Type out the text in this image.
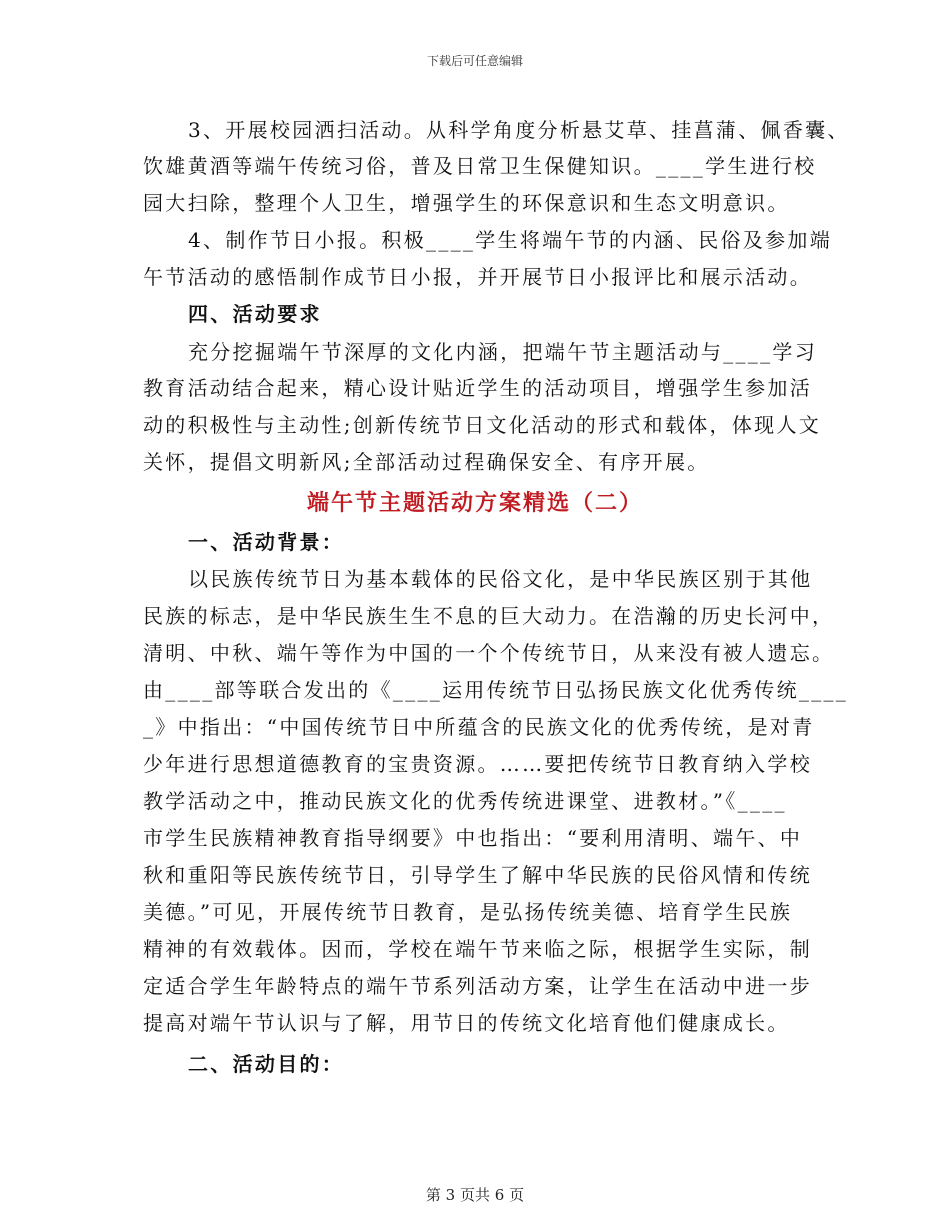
下载后可任意编辑
3、开展校园洒扫活动。从科学角度分析悬艾草、挂菖蒲、佩香囊、
饮雄黄酒等端午传统习俗，普及日常卫生保健知识。____学生进行校
园大扫除，整理个人卫生，增强学生的环保意识和生态文明意识。
4、制作节日小报。积极____学生将端午节的内涵、民俗及参加端
午节活动的感悟制作成节日小报，并开展节日小报评比和展示活动。
四、活动要求
充分挖掘端午节深厚的文化内涵，把端午节主题活动与____学习
教育活动结合起来，精心设计贴近学生的活动项目，增强学生参加活
动的积极性与主动性;创新传统节日文化活动的形式和载体，体现人文
关怀，提倡文明新风;全部活动过程确保安全、有序开展。
端午节主题活动方案精选（二）
一、活动背景：
以民族传统节日为基本载体的民俗文化，是中华民族区别于其他
民族的标志，是中华民族生生不息的巨大动力。在浩瀚的历史长河中，
清明、中秋、端午等作为中国的一个个传统节日，从来没有被人遗忘。
由____部等联合发出的《____运用传统节日弘扬民族文化优秀传统____
_》中指出：“中国传统节日中所蕴含的民族文化的优秀传统，是对青
少年进行思想道德教育的宝贵资源。……要把传统节日教育纳入学校
教学活动之中，推动民族文化的优秀传统进课堂、进教材。”《____
市学生民族精神教育指导纲要》中也指出：“要利用清明、端午、中
秋和重阳等民族传统节日，引导学生了解中华民族的民俗风情和传统
美德。”可见，开展传统节日教育，是弘扬传统美德、培育学生民族
精神的有效载体。因而，学校在端午节来临之际，根据学生实际，制
定适合学生年龄特点的端午节系列活动方案，让学生在活动中进一步
提高对端午节认识与了解，用节日的传统文化培育他们健康成长。
二、活动目的：
第 3 页共 6 页
